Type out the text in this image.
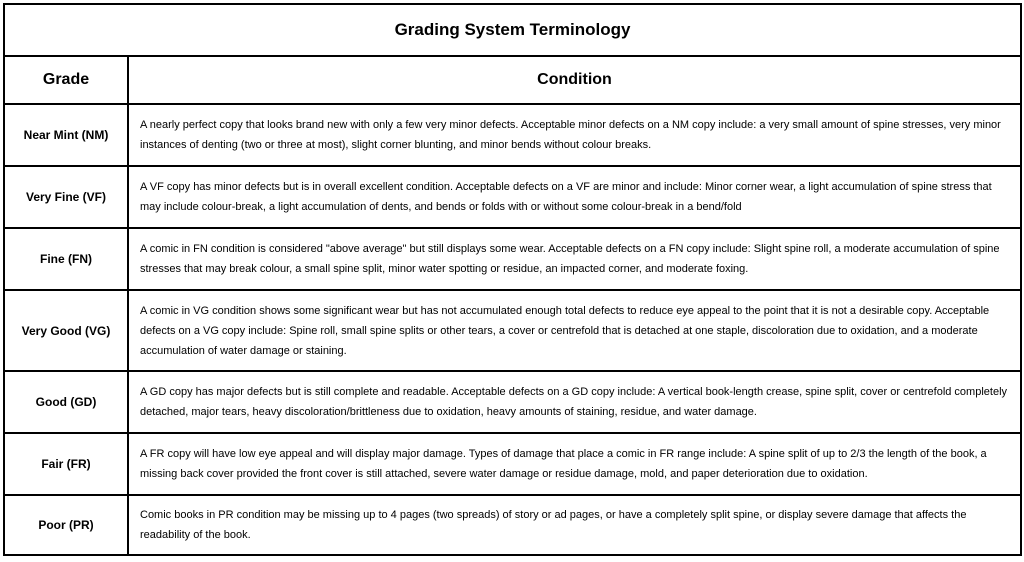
Grading System Terminology	
Grade	Condition
Near Mint (NM)	A nearly perfect copy that looks brand new with only a few very minor defects. Acceptable minor defects on a NM copy include: a very small amount of spine stresses, very minor instances of denting (two or three at most), slight corner blunting, and minor bends without colour breaks.
Very Fine (VF)	A VF copy has minor defects but is in overall excellent condition. Acceptable defects on a VF are minor and include: Minor corner wear, a light accumulation of spine stress that may include colour-break, a light accumulation of dents, and bends or folds with or without some colour-break in a bend/fold
Fine (FN)	A comic in FN condition is considered "above average" but still displays some wear. Acceptable defects on a FN copy include: Slight spine roll, a moderate accumulation of spine stresses that may break colour, a small spine split, minor water spotting or residue, an impacted corner, and moderate foxing.
Very Good (VG)	A comic in VG condition shows some significant wear but has not accumulated enough total defects to reduce eye appeal to the point that it is not a desirable copy. Acceptable defects on a VG copy include: Spine roll, small spine splits or other tears, a cover or centrefold that is detached at one staple, discoloration due to oxidation, and a moderate accumulation of water damage or staining.
Good (GD)	A GD copy has major defects but is still complete and readable. Acceptable defects on a GD copy include: A vertical book-length crease, spine split, cover or centrefold completely detached, major tears, heavy discoloration/brittleness due to oxidation, heavy amounts of staining, residue, and water damage.
Fair (FR)	A FR copy will have low eye appeal and will display major damage. Types of damage that place a comic in FR range include: A spine split of up to 2/3 the length of the book, a missing back cover provided the front cover is still attached, severe water damage or residue damage, mold, and paper deterioration due to oxidation.
Poor (PR)	Comic books in PR condition may be missing up to 4 pages (two spreads) of story or ad pages, or have a completely split spine, or display severe damage that affects the readability of the book.
